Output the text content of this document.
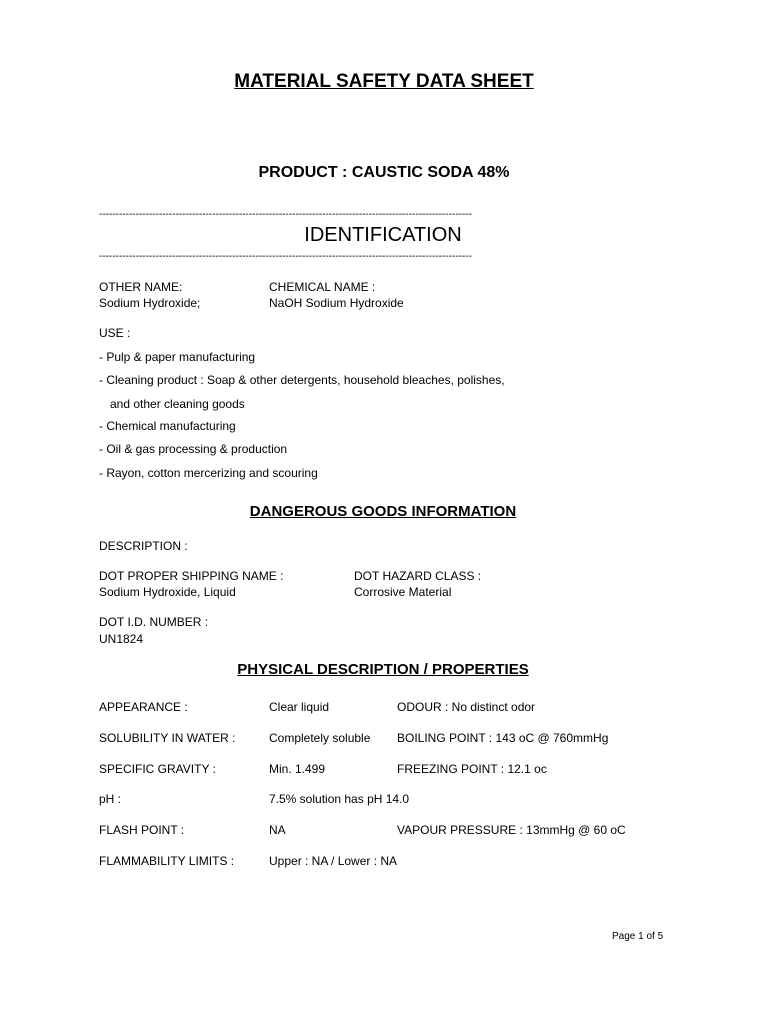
MATERIAL SAFETY DATA SHEET
PRODUCT : CAUSTIC SODA 48%
----------------------------------------------------------------------------------------------------------------
IDENTIFICATION
----------------------------------------------------------------------------------------------------------------
OTHER NAME:
Sodium Hydroxide;
CHEMICAL NAME :
NaOH Sodium Hydroxide
USE :
- Pulp & paper manufacturing
- Cleaning product : Soap & other detergents, household bleaches, polishes,
and other cleaning goods
- Chemical manufacturing
- Oil & gas processing & production
- Rayon, cotton mercerizing and scouring
DANGEROUS GOODS INFORMATION
DESCRIPTION :
DOT PROPER SHIPPING NAME :
Sodium Hydroxide, Liquid
DOT HAZARD CLASS :
Corrosive Material
DOT I.D. NUMBER :
UN1824
PHYSICAL DESCRIPTION / PROPERTIES
APPEARANCE :	Clear liquid	ODOUR : No distinct odor
SOLUBILITY IN WATER :	Completely soluble BOILING POINT : 143 oC @ 760mmHg
SPECIFIC GRAVITY :	Min. 1.499	FREEZING POINT : 12.1 oc
pH :	7.5% solution has pH 14.0
FLASH POINT :	NA	VAPOUR PRESSURE : 13mmHg @ 60 oC
FLAMMABILITY LIMITS :	Upper : NA / Lower : NA
Page 1 of 5
